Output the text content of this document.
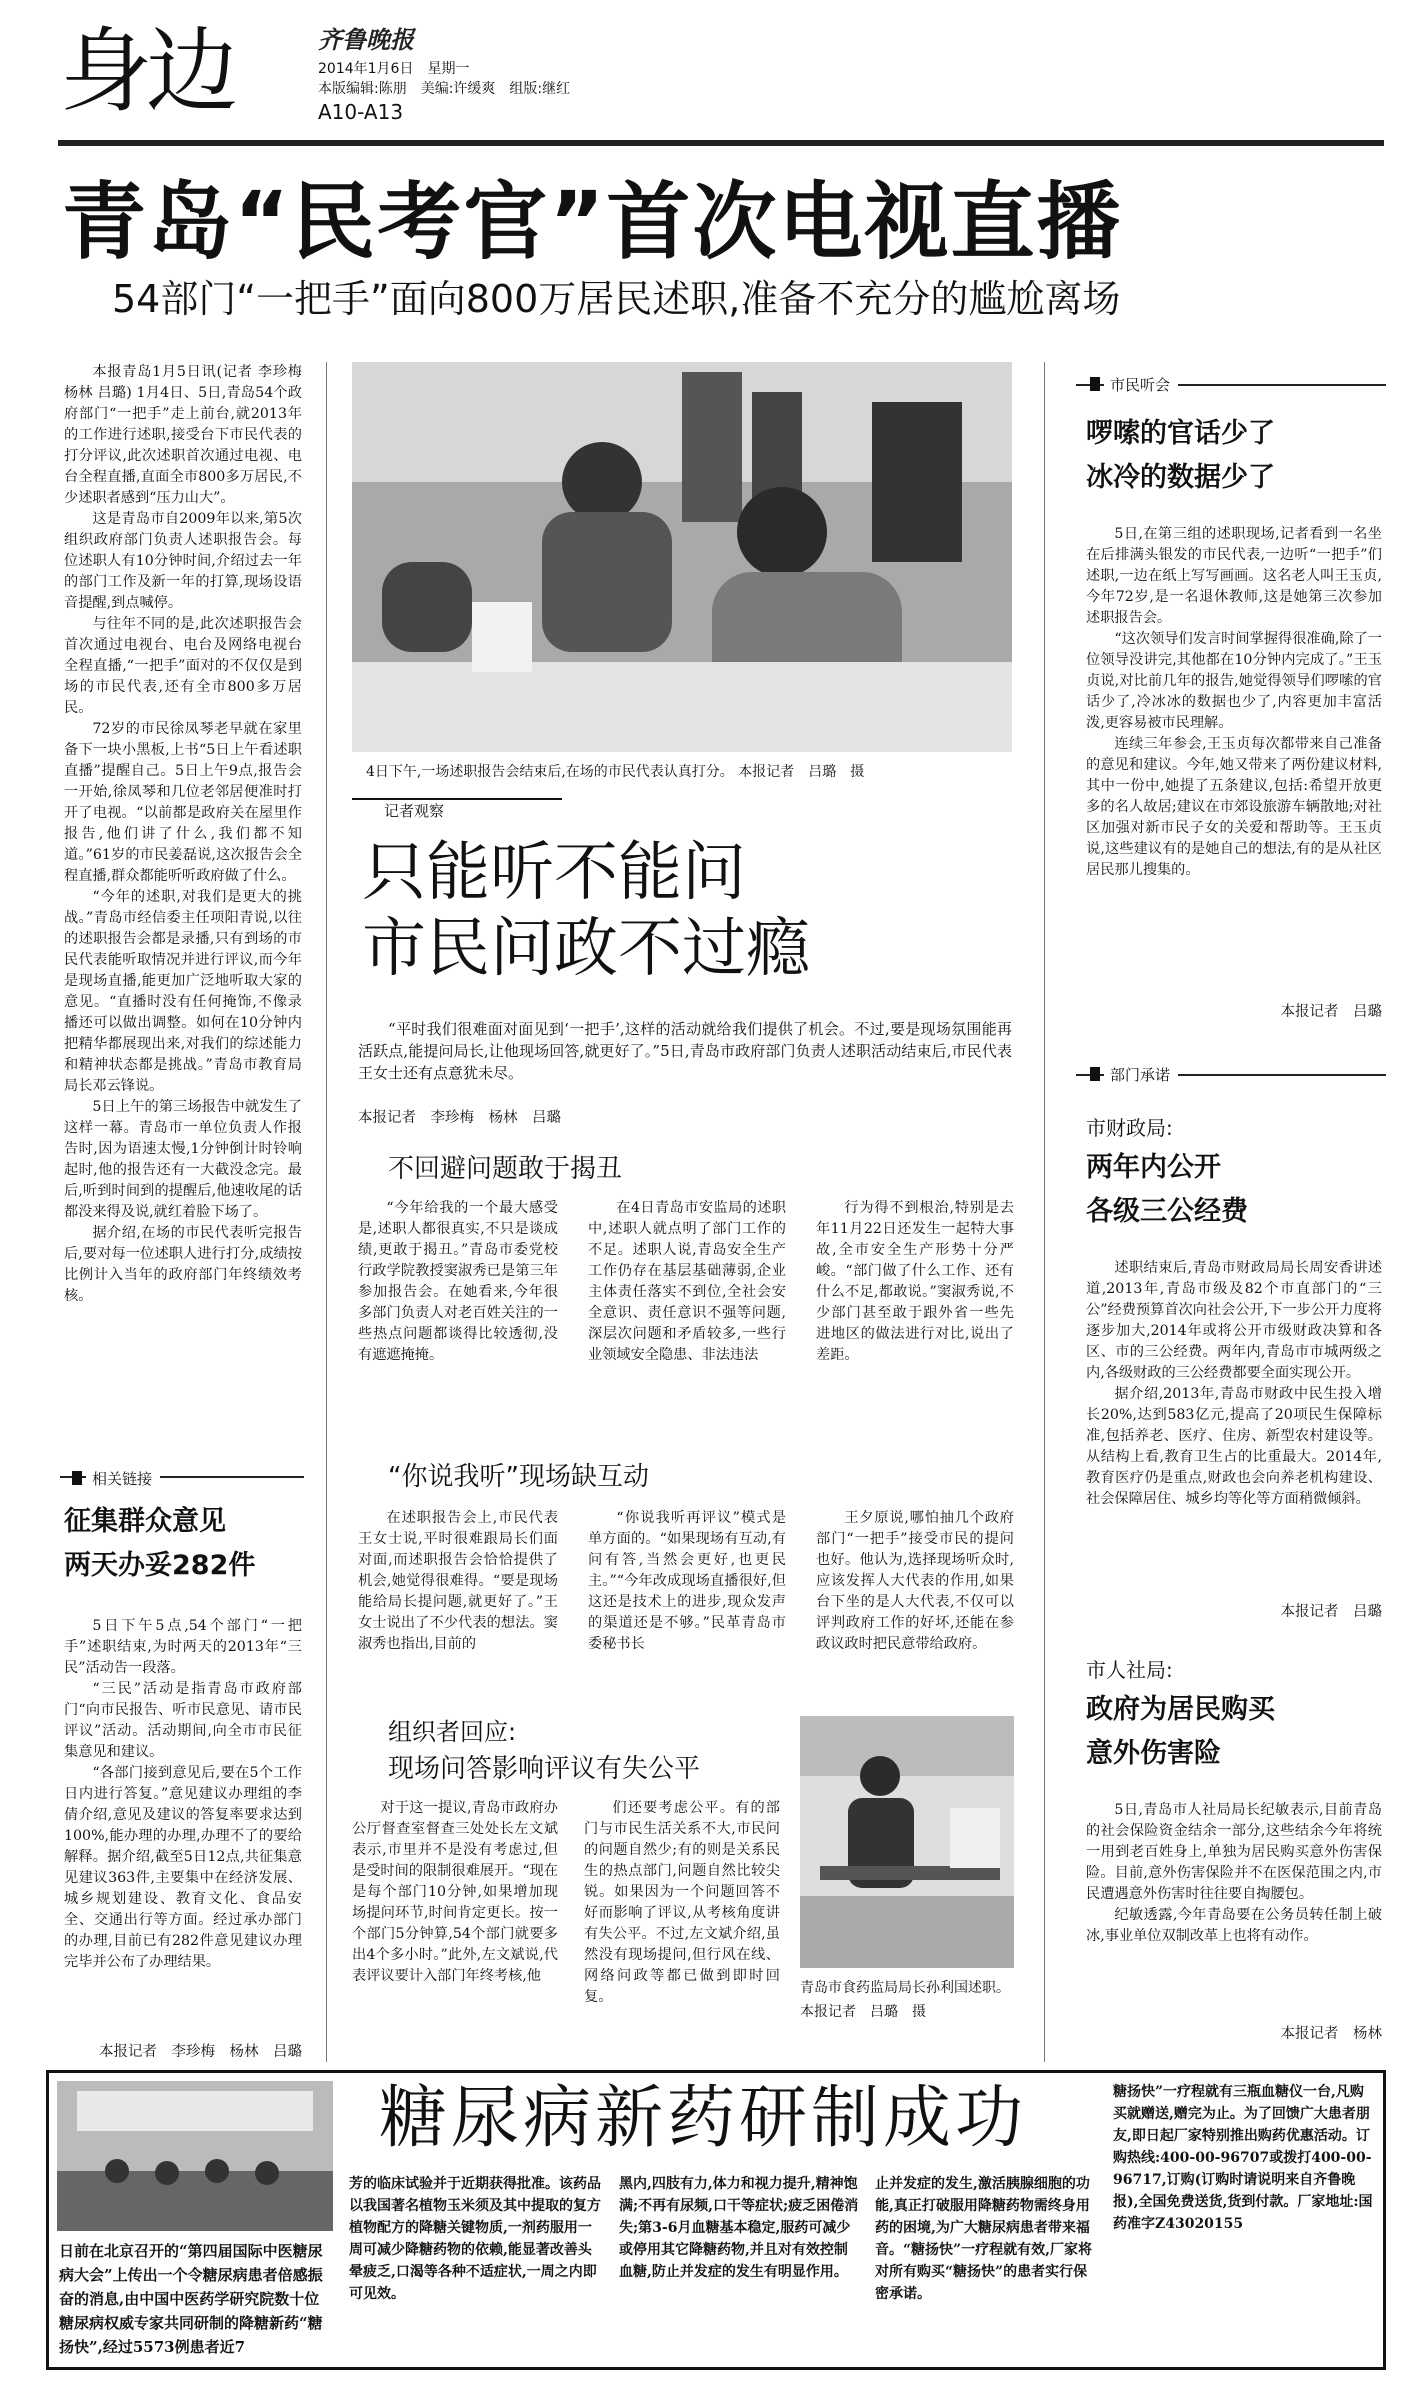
身边	齐鲁晚报
2014年1月6日　星期一
本版编辑:陈朋　美编:许缓爽　组版:继红
A10-A13
青岛“民考官”首次电视直播
54部门“一把手”面向800万居民述职,准备不充分的尴尬离场

本报青岛1月5日讯(记者 李珍梅 杨林 吕璐) 1月4日、5日,青岛54个政府部门“一把手”走上前台,就2013年的工作进行述职,接受台下市民代表的打分评议,此次述职首次通过电视、电台全程直播,直面全市800多万居民,不少述职者感到“压力山大”。

这是青岛市自2009年以来,第5次组织政府部门负责人述职报告会。每位述职人有10分钟时间,介绍过去一年的部门工作及新一年的打算,现场设语音提醒,到点喊停。

与往年不同的是,此次述职报告会首次通过电视台、电台及网络电视台全程直播,“一把手”面对的不仅仅是到场的市民代表,还有全市800多万居民。

72岁的市民徐凤琴老早就在家里备下一块小黑板,上书“5日上午看述职直播”提醒自己。5日上午9点,报告会一开始,徐凤琴和几位老邻居便准时打开了电视。“以前都是政府关在屋里作报告,他们讲了什么,我们都不知道。”61岁的市民姜磊说,这次报告会全程直播,群众都能听听政府做了什么。

“今年的述职,对我们是更大的挑战。”青岛市经信委主任项阳青说,以往的述职报告会都是录播,只有到场的市民代表能听取情况并进行评议,而今年是现场直播,能更加广泛地听取大家的意见。“直播时没有任何掩饰,不像录播还可以做出调整。如何在10分钟内把精华都展现出来,对我们的综述能力和精神状态都是挑战。”青岛市教育局局长邓云锋说。

5日上午的第三场报告中就发生了这样一幕。青岛市一单位负责人作报告时,因为语速太慢,1分钟倒计时铃响起时,他的报告还有一大截没念完。最后,听到时间到的提醒后,他速收尾的话都没来得及说,就红着脸下场了。

据介绍,在场的市民代表听完报告后,要对每一位述职人进行打分,成绩按比例计入当年的政府部门年终绩效考核。

相关链接
征集群众意见
两天办妥282件

5日下午5点,54个部门“一把手”述职结束,为时两天的2013年“三民”活动告一段落。

“三民”活动是指青岛市政府部门“向市民报告、听市民意见、请市民评议”活动。活动期间,向全市市民征集意见和建议。

“各部门接到意见后,要在5个工作日内进行答复。”意见建议办理组的李倩介绍,意见及建议的答复率要求达到100%,能办理的办理,办理不了的要给解释。据介绍,截至5日12点,共征集意见建议363件,主要集中在经济发展、城乡规划建设、教育文化、食品安全、交通出行等方面。经过承办部门的办理,目前已有282件意见建议办理完毕并公布了办理结果。

本报记者　李珍梅　杨林　吕璐
4日下午,一场述职报告会结束后,在场的市民代表认真打分。 本报记者　吕璐　摄
记者观察
只能听不能问
市民问政不过瘾

“平时我们很难面对面见到‘一把手’,这样的活动就给我们提供了机会。不过,要是现场氛围能再活跃点,能提问局长,让他现场回答,就更好了。”5日,青岛市政府部门负责人述职活动结束后,市民代表王女士还有点意犹未尽。

本报记者　李珍梅　杨林　吕璐
不回避问题敢于揭丑

“今年给我的一个最大感受是,述职人都很真实,不只是谈成绩,更敢于揭丑。”青岛市委党校行政学院教授窦淑秀已是第三年参加报告会。在她看来,今年很多部门负责人对老百姓关注的一些热点问题都谈得比较透彻,没有遮遮掩掩。

在4日青岛市安监局的述职中,述职人就点明了部门工作的不足。述职人说,青岛安全生产工作仍存在基层基础薄弱,企业主体责任落实不到位,全社会安全意识、责任意识不强等问题,深层次问题和矛盾较多,一些行业领域安全隐患、非法违法

行为得不到根治,特别是去年11月22日还发生一起特大事故,全市安全生产形势十分严峻。“部门做了什么工作、还有什么不足,都敢说。”窦淑秀说,不少部门甚至敢于跟外省一些先进地区的做法进行对比,说出了差距。

“你说我听”现场缺互动

在述职报告会上,市民代表王女士说,平时很难跟局长们面对面,而述职报告会恰恰提供了机会,她觉得很难得。“要是现场能给局长提问题,就更好了。”王女士说出了不少代表的想法。窦淑秀也指出,目前的

“你说我听再评议”模式是单方面的。“如果现场有互动,有问有答,当然会更好,也更民主。”“今年改成现场直播很好,但这还是技术上的进步,现众发声的渠道还是不够。”民革青岛市委秘书长

王夕原说,哪怕抽几个政府部门“一把手”接受市民的提问也好。他认为,选择现场听众时,应该发挥人大代表的作用,如果台下坐的是人大代表,不仅可以评判政府工作的好坏,还能在参政议政时把民意带给政府。

组织者回应:
现场问答影响评议有失公平

对于这一提议,青岛市政府办公厅督查室督查三处处长左文斌表示,市里并不是没有考虑过,但是受时间的限制很难展开。“现在是每个部门10分钟,如果增加现场提问环节,时间肯定更长。按一个部门5分钟算,54个部门就要多出4个多小时。”此外,左文斌说,代表评议要计入部门年终考核,他

们还要考虑公平。有的部门与市民生活关系不大,市民问的问题自然少;有的则是关系民生的热点部门,问题自然比较尖锐。如果因为一个问题回答不好而影响了评议,从考核角度讲有失公平。不过,左文斌介绍,虽然没有现场提问,但行风在线、网络问政等都已做到即时回复。

青岛市食药监局局长孙利国述职。本报记者　吕璐　摄
市民听会
啰嗦的官话少了
冰冷的数据少了

5日,在第三组的述职现场,记者看到一名坐在后排满头银发的市民代表,一边听“一把手”们述职,一边在纸上写写画画。这名老人叫王玉贞,今年72岁,是一名退休教师,这是她第三次参加述职报告会。

“这次领导们发言时间掌握得很准确,除了一位领导没讲完,其他都在10分钟内完成了。”王玉贞说,对比前几年的报告,她觉得领导们啰嗦的官话少了,冷冰冰的数据也少了,内容更加丰富活泼,更容易被市民理解。

连续三年参会,王玉贞每次都带来自己准备的意见和建议。今年,她又带来了两份建议材料,其中一份中,她提了五条建议,包括:希望开放更多的名人故居;建议在市郊设旅游车辆散地;对社区加强对新市民子女的关爱和帮助等。王玉贞说,这些建议有的是她自己的想法,有的是从社区居民那儿搜集的。

本报记者　吕璐
部门承诺
市财政局:
两年内公开
各级三公经费

述职结束后,青岛市财政局局长周安香讲述道,2013年,青岛市级及82个市直部门的“三公”经费预算首次向社会公开,下一步公开力度将逐步加大,2014年或将公开市级财政决算和各区、市的三公经费。两年内,青岛市市城两级之内,各级财政的三公经费都要全面实现公开。

据介绍,2013年,青岛市财政中民生投入增长20%,达到583亿元,提高了20项民生保障标准,包括养老、医疗、住房、新型农村建设等。从结构上看,教育卫生占的比重最大。2014年,教育医疗仍是重点,财政也会向养老机构建设、社会保障居住、城乡均等化等方面稍微倾斜。

本报记者　吕璐
市人社局:
政府为居民购买
意外伤害险

5日,青岛市人社局局长纪敏表示,目前青岛的社会保险资金结余一部分,这些结余今年将统一用到老百姓身上,单独为居民购买意外伤害保险。目前,意外伤害保险并不在医保范围之内,市民遭遇意外伤害时往往要自掏腰包。

纪敏透露,今年青岛要在公务员转任制上破冰,事业单位双制改革上也将有动作。

本报记者　杨林
糖尿病新药研制成功
日前在北京召开的“第四届国际中医糖尿病大会”上传出一个令糖尿病患者倍感振奋的消息,由中国中医药学研究院数十位糖尿病权威专家共同研制的降糖新药“糖扬快”,经过5573例患者近7
芳的临床试验并于近期获得批准。该药品以我国著名植物玉米须及其中提取的复方植物配方的降糖关键物质,一剂药服用一周可减少降糖药物的依赖,能显著改善头晕疲乏,口渴等各种不适症状,一周之内即可见效。
黑内,四肢有力,体力和视力提升,精神饱满;不再有尿频,口干等症状;疲乏困倦消失;第3-6月血糖基本稳定,服药可减少或停用其它降糖药物,并且对有效控制血糖,防止并发症的发生有明显作用。
止并发症的发生,激活胰腺细胞的功能,真正打破服用降糖药物需终身用药的困境,为广大糖尿病患者带来福音。“糖扬快”一疗程就有效,厂家将对所有购买“糖扬快”的患者实行保密承诺。
糖扬快”一疗程就有三瓶血糖仪一台,凡购买就赠送,赠完为止。为了回馈广大患者朋友,即日起厂家特别推出购药优惠活动。订购热线:400-00-96707或拨打400-00-96717,订购(订购时请说明来自齐鲁晚报),全国免费送货,货到付款。厂家地址:国药准字Z43020155
